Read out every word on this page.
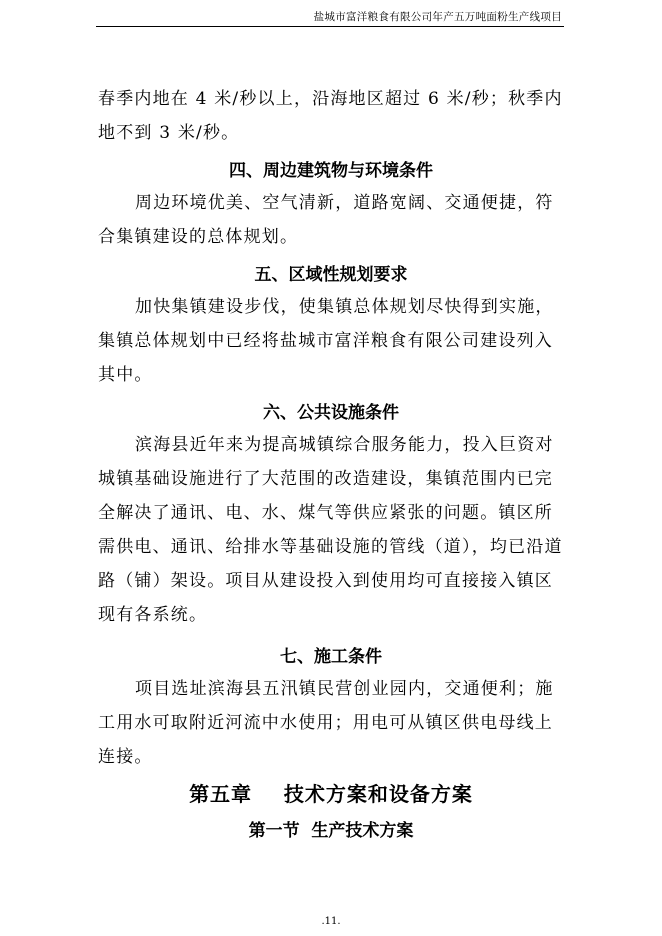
盐城市富洋粮食有限公司年产五万吨面粉生产线项目

春季内地在 4 米/秒以上，沿海地区超过 6 米/秒；秋季内

地不到 3 米/秒。

四、周边建筑物与环境条件

周边环境优美、空气清新，道路宽阔、交通便捷，符

合集镇建设的总体规划。

五、区域性规划要求

加快集镇建设步伐，使集镇总体规划尽快得到实施，

集镇总体规划中已经将盐城市富洋粮食有限公司建设列入

其中。

六、公共设施条件

滨海县近年来为提高城镇综合服务能力，投入巨资对

城镇基础设施进行了大范围的改造建设，集镇范围内已完

全解决了通讯、电、水、煤气等供应紧张的问题。镇区所

需供电、通讯、给排水等基础设施的管线（道），均已沿道

路（铺）架设。项目从建设投入到使用均可直接接入镇区

现有各系统。

七、施工条件

项目选址滨海县五汛镇民营创业园内，交通便利；施

工用水可取附近河流中水使用；用电可从镇区供电母线上

连接。

第五章    技术方案和设备方案
第一节  生产技术方案
.11.
